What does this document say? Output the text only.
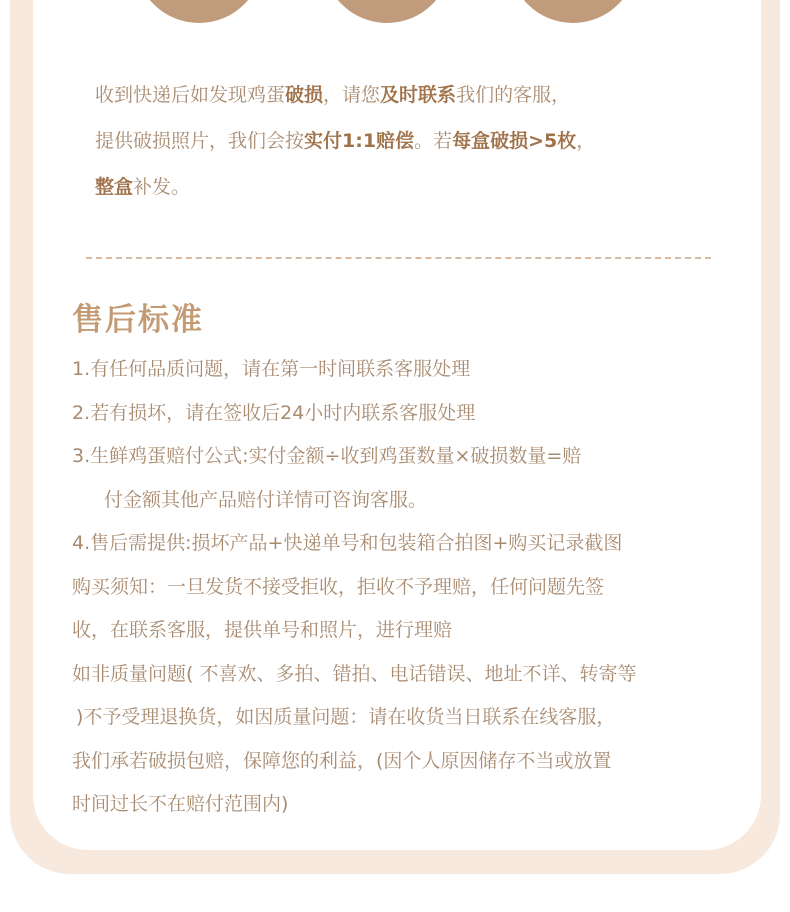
收到快递后如发现鸡蛋破损，请您及时联系我们的客服，
提供破损照片，我们会按实付1:1赔偿。若每盒破损>5枚，
整盒补发。
售后标准
1.有任何品质问题，请在第一时间联系客服处理
2.若有损坏，请在签收后24小时内联系客服处理
3.生鲜鸡蛋赔付公式:实付金额÷收到鸡蛋数量×破损数量=赔
付金额其他产品赔付详情可咨询客服。
4.售后需提供:损坏产品+快递单号和包装箱合拍图+购买记录截图
购买须知：一旦发货不接受拒收，拒收不予理赔，任何问题先签
收，在联系客服，提供单号和照片，进行理赔
如非质量问题( 不喜欢、多拍、错拍、电话错误、地址不详、转寄等
)不予受理退换货，如因质量问题：请在收货当日联系在线客服，
我们承若破损包赔，保障您的利益，(因个人原因储存不当或放置
时间过长不在赔付范围内)
